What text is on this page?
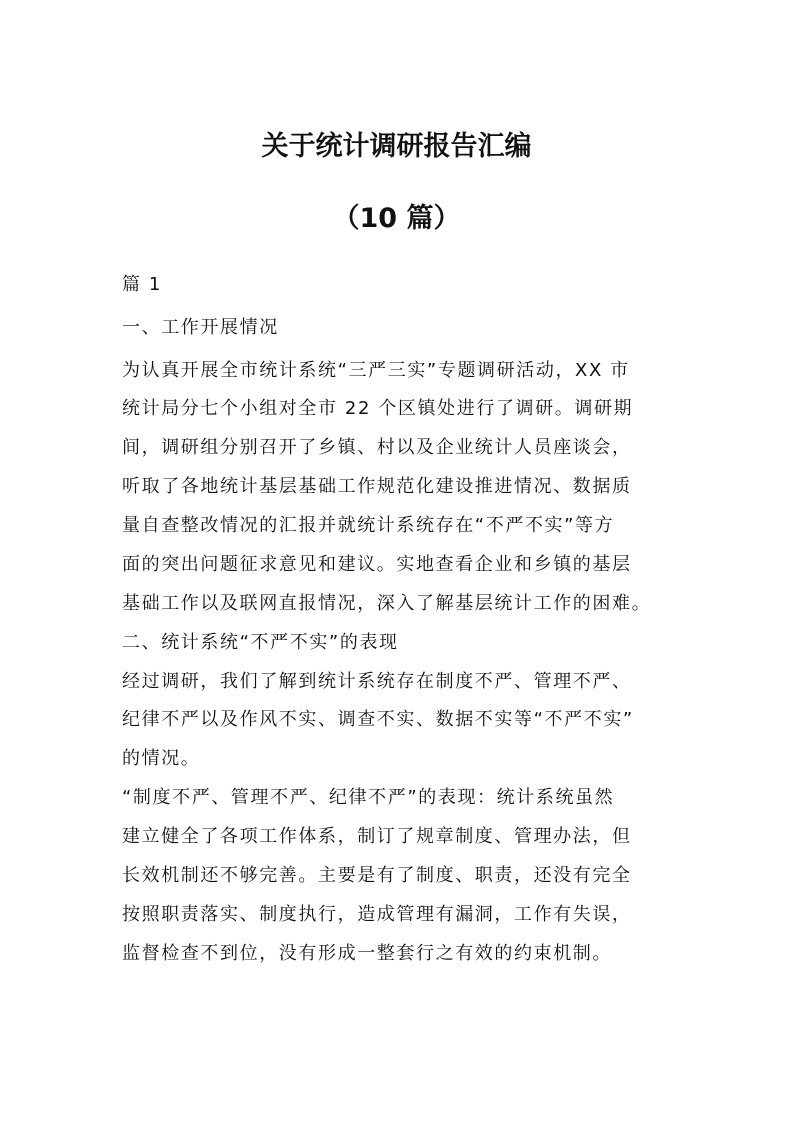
关于统计调研报告汇编
（10 篇）
篇 1
一、工作开展情况
为认真开展全市统计系统“三严三实”专题调研活动，XX 市
统计局分七个小组对全市 22 个区镇处进行了调研。调研期
间，调研组分别召开了乡镇、村以及企业统计人员座谈会，
听取了各地统计基层基础工作规范化建设推进情况、数据质
量自查整改情况的汇报并就统计系统存在“不严不实”等方
面的突出问题征求意见和建议。实地查看企业和乡镇的基层
基础工作以及联网直报情况，深入了解基层统计工作的困难。
二、统计系统“不严不实”的表现
经过调研，我们了解到统计系统存在制度不严、管理不严、
纪律不严以及作风不实、调查不实、数据不实等“不严不实”
的情况。
“制度不严、管理不严、纪律不严”的表现：统计系统虽然
建立健全了各项工作体系，制订了规章制度、管理办法，但
长效机制还不够完善。主要是有了制度、职责，还没有完全
按照职责落实、制度执行，造成管理有漏洞，工作有失误，
监督检查不到位，没有形成一整套行之有效的约束机制。
